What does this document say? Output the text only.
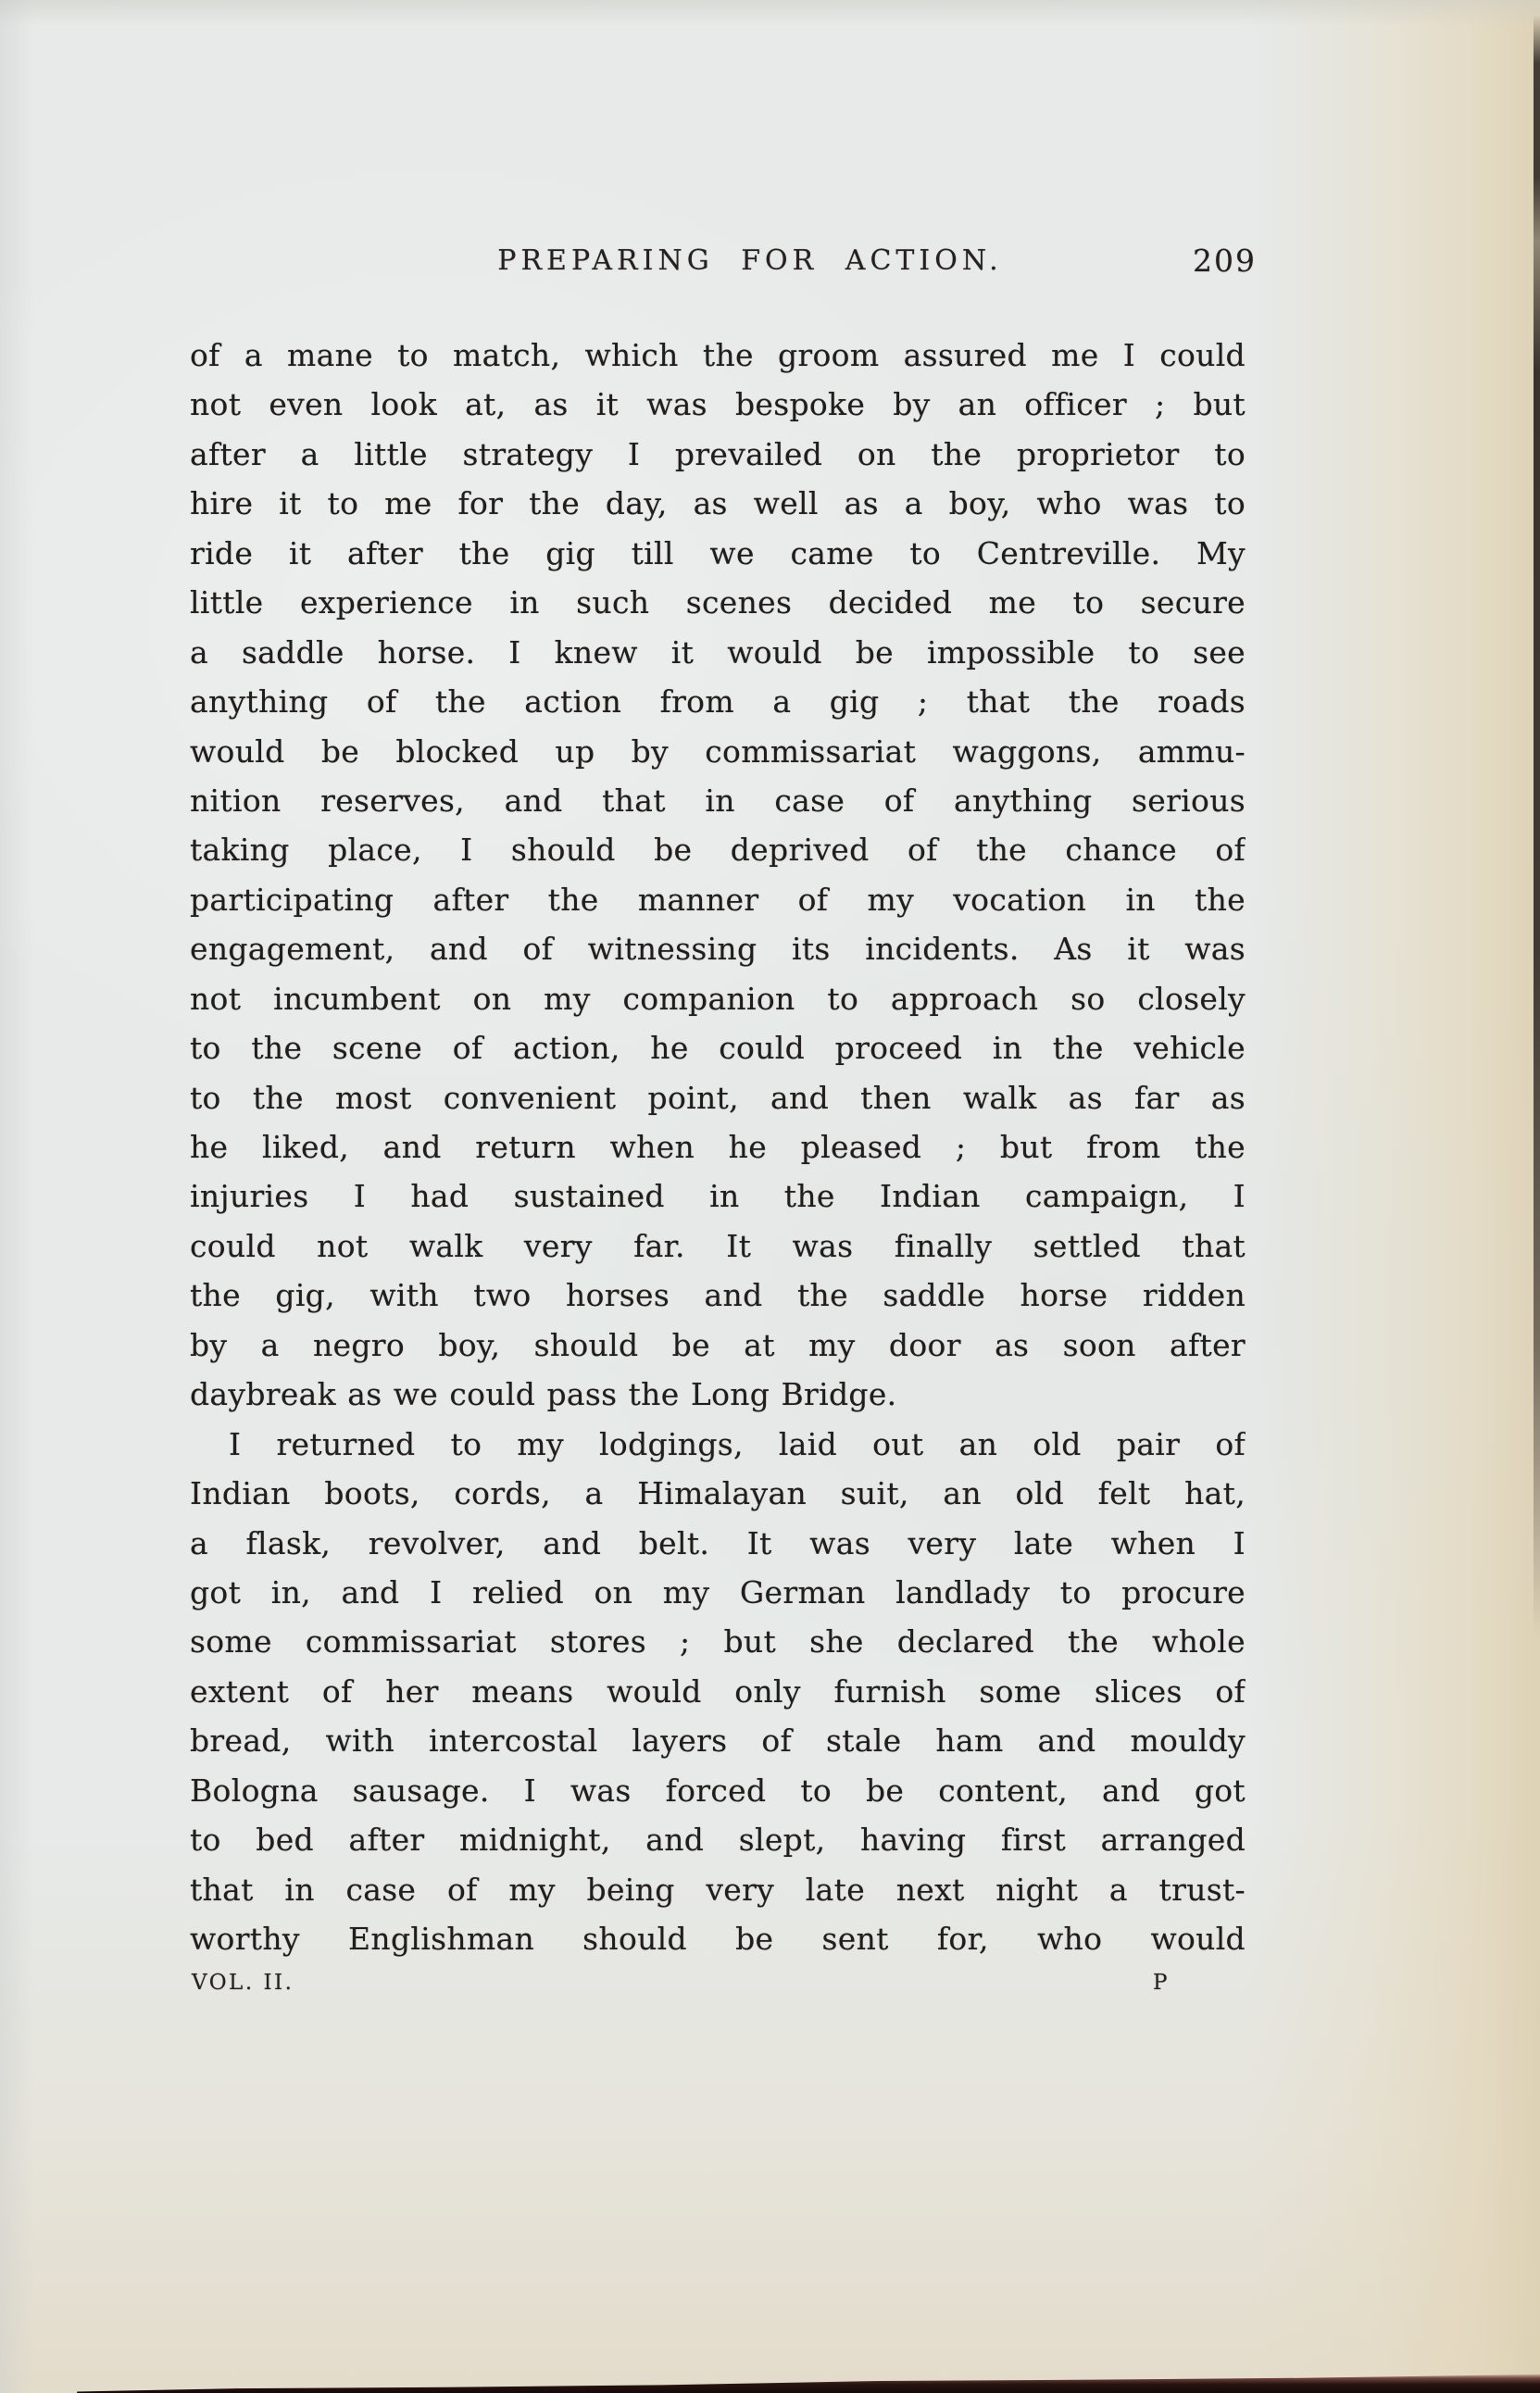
PREPARING FOR ACTION.	209
of a mane to match, which the groom assured me I could
not even look at, as it was bespoke by an officer ; but
after a little strategy I prevailed on the proprietor to
hire it to me for the day, as well as a boy, who was to
ride it after the gig till we came to Centreville. My
little experience in such scenes decided me to secure
a saddle horse. I knew it would be impossible to see
anything of the action from a gig ; that the roads
would be blocked up by commissariat waggons, ammu-
nition reserves, and that in case of anything serious
taking place, I should be deprived of the chance of
participating after the manner of my vocation in the
engagement, and of witnessing its incidents. As it was
not incumbent on my companion to approach so closely
to the scene of action, he could proceed in the vehicle
to the most convenient point, and then walk as far as
he liked, and return when he pleased ; but from the
injuries I had sustained in the Indian campaign, I
could not walk very far. It was finally settled that
the gig, with two horses and the saddle horse ridden
by a negro boy, should be at my door as soon after
daybreak as we could pass the Long Bridge.
I returned to my lodgings, laid out an old pair of
Indian boots, cords, a Himalayan suit, an old felt hat,
a flask, revolver, and belt. It was very late when I
got in, and I relied on my German landlady to procure
some commissariat stores ; but she declared the whole
extent of her means would only furnish some slices of
bread, with intercostal layers of stale ham and mouldy
Bologna sausage. I was forced to be content, and got
to bed after midnight, and slept, having first arranged
that in case of my being very late next night a trust-
worthy Englishman should be sent for, who would
VOL. II.	P
